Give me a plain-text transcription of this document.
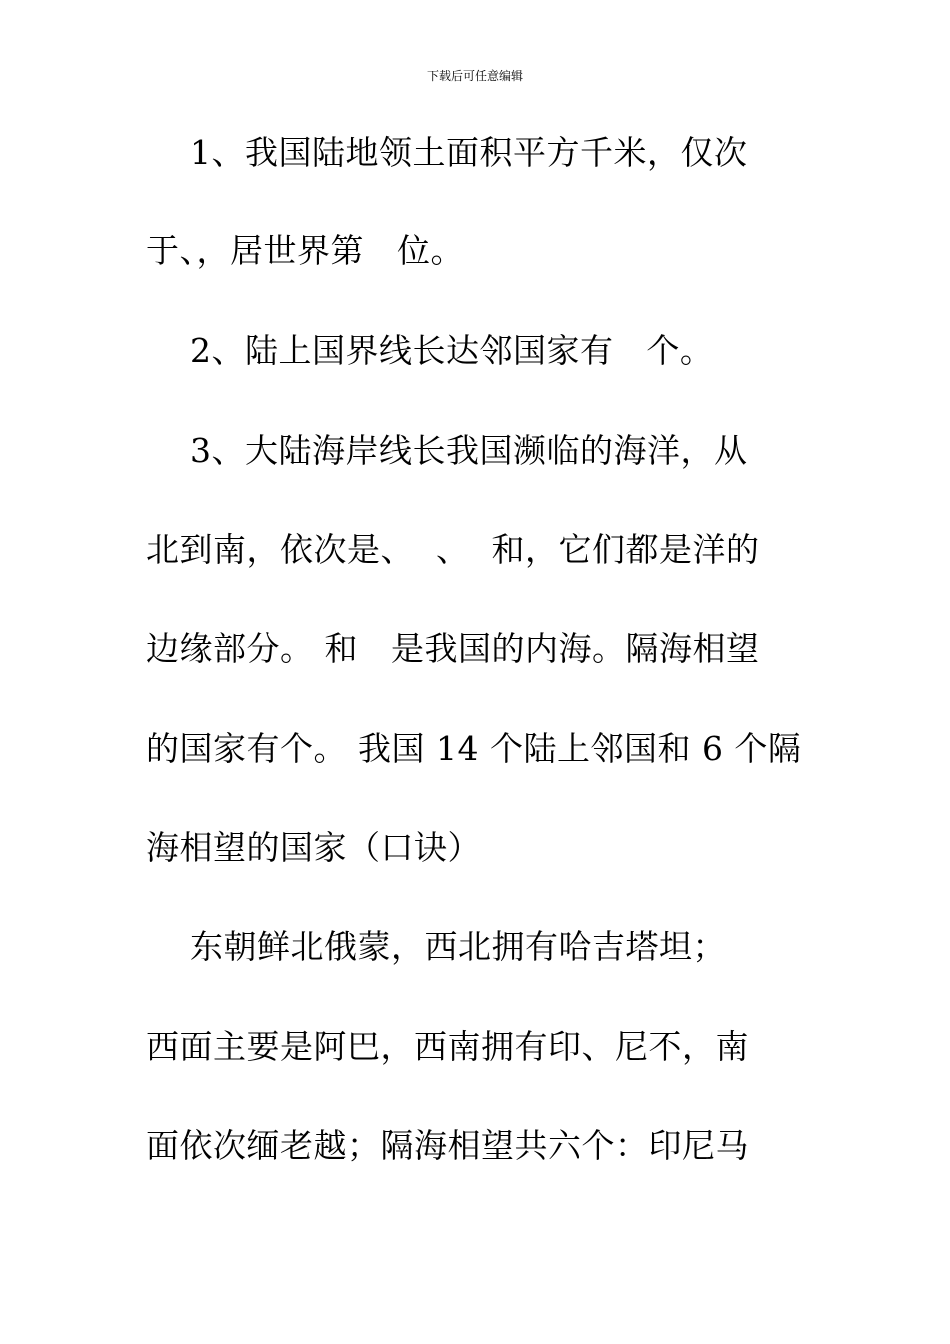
下载后可任意编辑
1、我国陆地领土面积平方千米，仅次
于、，居世界第   位。
2、陆上国界线长达邻国家有   个。
3、大陆海岸线长我国濒临的海洋，从
北到南，依次是、  、  和，它们都是洋的
边缘部分。 和   是我国的内海。隔海相望
的国家有个。 我国 14 个陆上邻国和 6 个隔
海相望的国家（口诀）
东朝鲜北俄蒙，西北拥有哈吉塔坦；
西面主要是阿巴，西南拥有印、尼不，南
面依次缅老越；隔海相望共六个：印尼马
